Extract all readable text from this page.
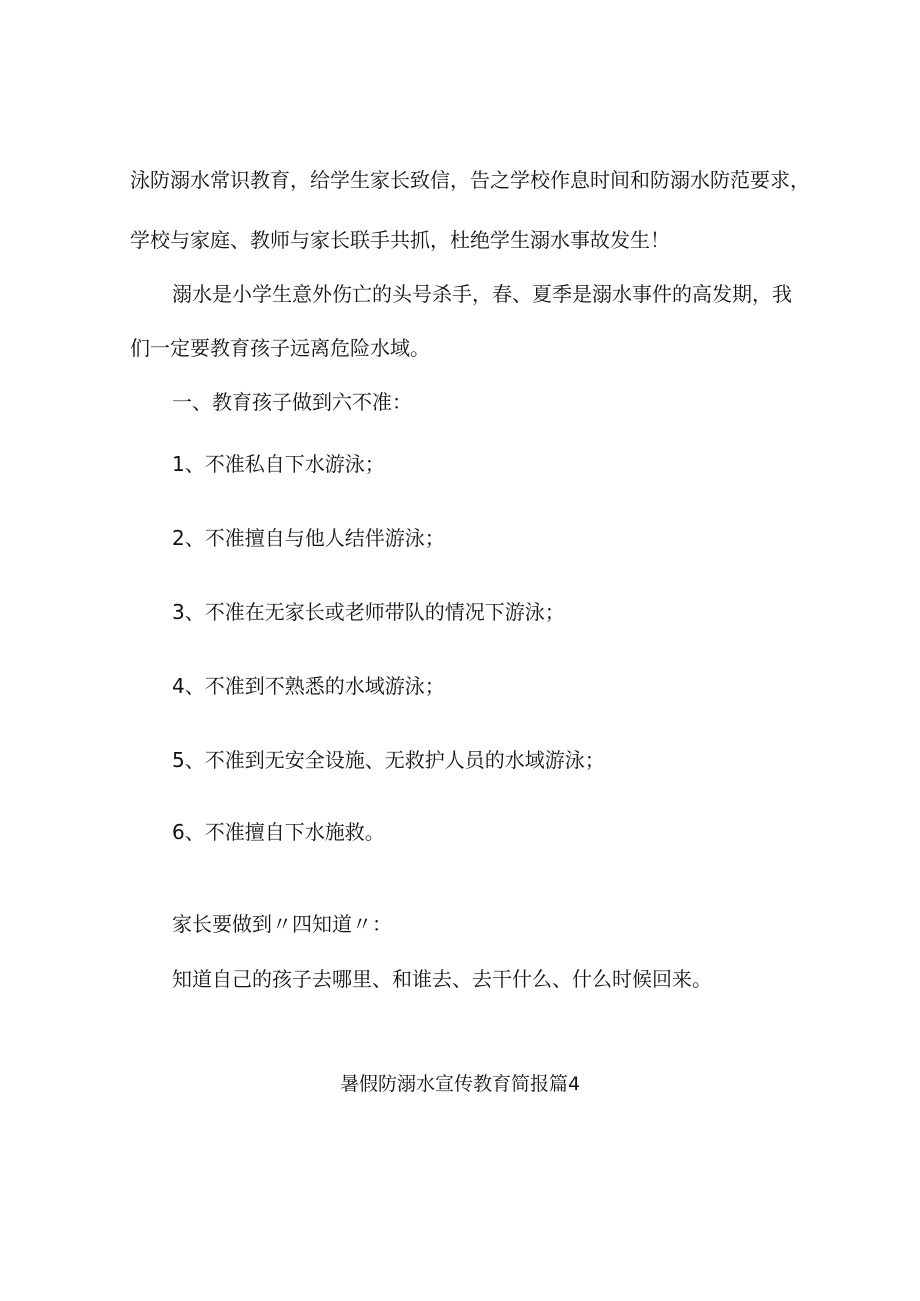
泳防溺水常识教育，给学生家长致信，告之学校作息时间和防溺水防范要求，
学校与家庭、教师与家长联手共抓，杜绝学生溺水事故发生！
溺水是小学生意外伤亡的头号杀手，春、夏季是溺水事件的高发期，我
们一定要教育孩子远离危险水域。
一、教育孩子做到六不准：
1、不准私自下水游泳；
2、不准擅自与他人结伴游泳；
3、不准在无家长或老师带队的情况下游泳；
4、不准到不熟悉的水域游泳；
5、不准到无安全设施、无救护人员的水域游泳；
6、不准擅自下水施救。
家长要做到〃四知道〃：
知道自己的孩子去哪里、和谁去、去干什么、什么时候回来。
暑假防溺水宣传教育简报篇4
